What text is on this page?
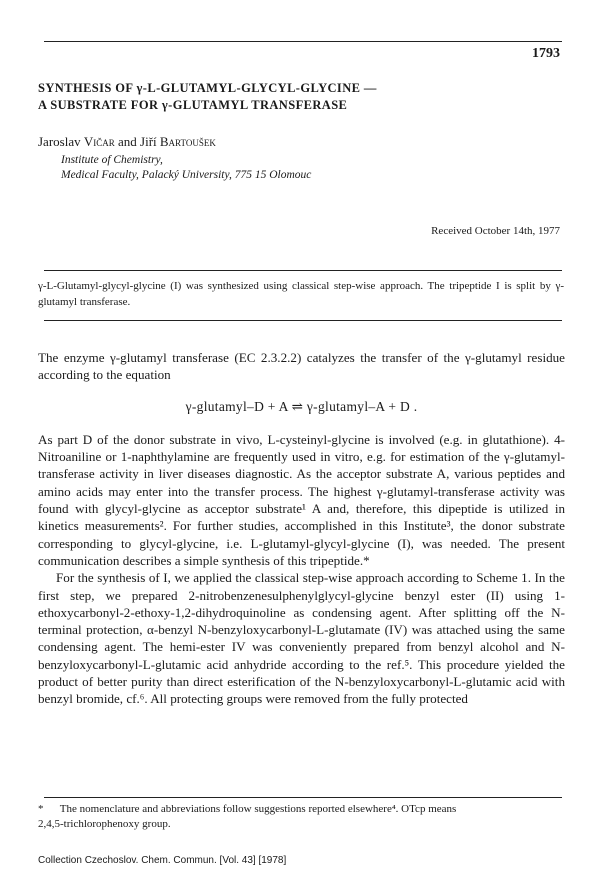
1793
SYNTHESIS OF γ-L-GLUTAMYL-GLYCYL-GLYCINE —
A SUBSTRATE FOR γ-GLUTAMYL TRANSFERASE
Jaroslav Vičar and Jiří Bartoušek
Institute of Chemistry,
Medical Faculty, Palacký University, 775 15 Olomouc
Received October 14th, 1977

γ-L-Glutamyl-glycyl-glycine (I) was synthesized using classical step-wise approach. The tripeptide I is split by γ-glutamyl transferase.

The enzyme γ-glutamyl transferase (EC 2.3.2.2) catalyzes the transfer of the γ-glutamyl residue according to the equation

γ-glutamyl–D + A ⇌ γ-glutamyl–A + D .

As part D of the donor substrate in vivo, L-cysteinyl-glycine is involved (e.g. in glutathione). 4-Nitroaniline or 1-naphthylamine are frequently used in vitro, e.g. for estimation of the γ-glutamyl-transferase activity in liver diseases diagnostic. As the acceptor substrate A, various peptides and amino acids may enter into the transfer process. The highest γ-glutamyl-transferase activity was found with glycyl-glycine as acceptor substrate¹ A and, therefore, this dipeptide is utilized in kinetics measurements². For further studies, accomplished in this Institute³, the donor substrate corresponding to glycyl-glycine, i.e. L-glutamyl-glycyl-glycine (I), was needed. The present communication describes a simple synthesis of this tripeptide.*

For the synthesis of I, we applied the classical step-wise approach according to Scheme 1. In the first step, we prepared 2-nitrobenzenesulphenylglycyl-glycine benzyl ester (II) using 1-ethoxycarbonyl-2-ethoxy-1,2-dihydroquinoline as condensing agent. After splitting off the N-terminal protection, α-benzyl N-benzyloxycarbonyl-L-glutamate (IV) was attached using the same condensing agent. The hemi-ester IV was conveniently prepared from benzyl alcohol and N-benzyloxycarbonyl-L-glutamic acid anhydride according to the ref.⁵. This procedure yielded the product of better purity than direct esterification of the N-benzyloxycarbonyl-L-glutamic acid with benzyl bromide, cf.⁶. All protecting groups were removed from the fully protected

*      The nomenclature and abbreviations follow suggestions reported elsewhere⁴. OTcp means

2,4,5-trichlorophenoxy group.

Collection Czechoslov. Chem. Commun. [Vol. 43] [1978]
